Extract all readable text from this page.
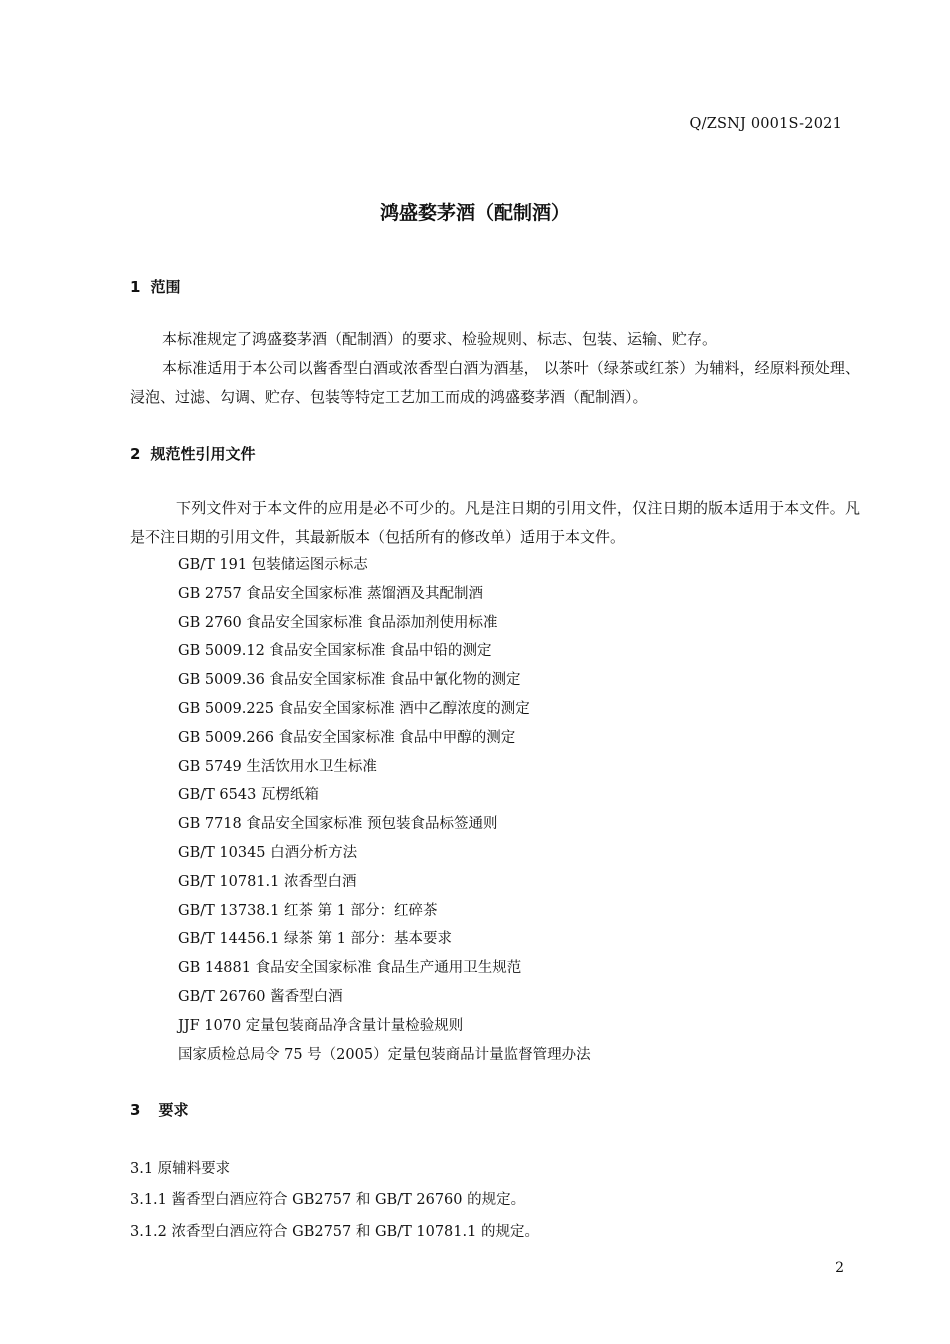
Q/ZSNJ 0001S-2021
鸿盛婺茅酒（配制酒）
1 范围

本标准规定了鸿盛婺茅酒（配制酒）的要求、检验规则、标志、包装、运输、贮存。

本标准适用于本公司以酱香型白酒或浓香型白酒为酒基， 以茶叶（绿茶或红茶）为辅料，经原料预处理、浸泡、过滤、勾调、贮存、包装等特定工艺加工而成的鸿盛婺茅酒（配制酒）。

2 规范性引用文件

下列文件对于本文件的应用是必不可少的。凡是注日期的引用文件，仅注日期的版本适用于本文件。凡是不注日期的引用文件，其最新版本（包括所有的修改单）适用于本文件。

GB/T 191 包装储运图示标志
GB 2757 食品安全国家标准 蒸馏酒及其配制酒
GB 2760 食品安全国家标准 食品添加剂使用标准
GB 5009.12 食品安全国家标准 食品中铅的测定
GB 5009.36 食品安全国家标准 食品中氰化物的测定
GB 5009.225 食品安全国家标准 酒中乙醇浓度的测定
GB 5009.266 食品安全国家标准 食品中甲醇的测定
GB 5749 生活饮用水卫生标准
GB/T 6543 瓦楞纸箱
GB 7718 食品安全国家标准 预包装食品标签通则
GB/T 10345 白酒分析方法
GB/T 10781.1 浓香型白酒
GB/T 13738.1 红茶 第 1 部分：红碎茶
GB/T 14456.1 绿茶 第 1 部分：基本要求
GB 14881 食品安全国家标准 食品生产通用卫生规范
GB/T 26760 酱香型白酒
JJF 1070 定量包装商品净含量计量检验规则
国家质检总局令 75 号（2005）定量包装商品计量监督管理办法
3 要求

3.1 原辅料要求

3.1.1 酱香型白酒应符合 GB2757 和 GB/T 26760 的规定。

3.1.2 浓香型白酒应符合 GB2757 和 GB/T 10781.1 的规定。

2
